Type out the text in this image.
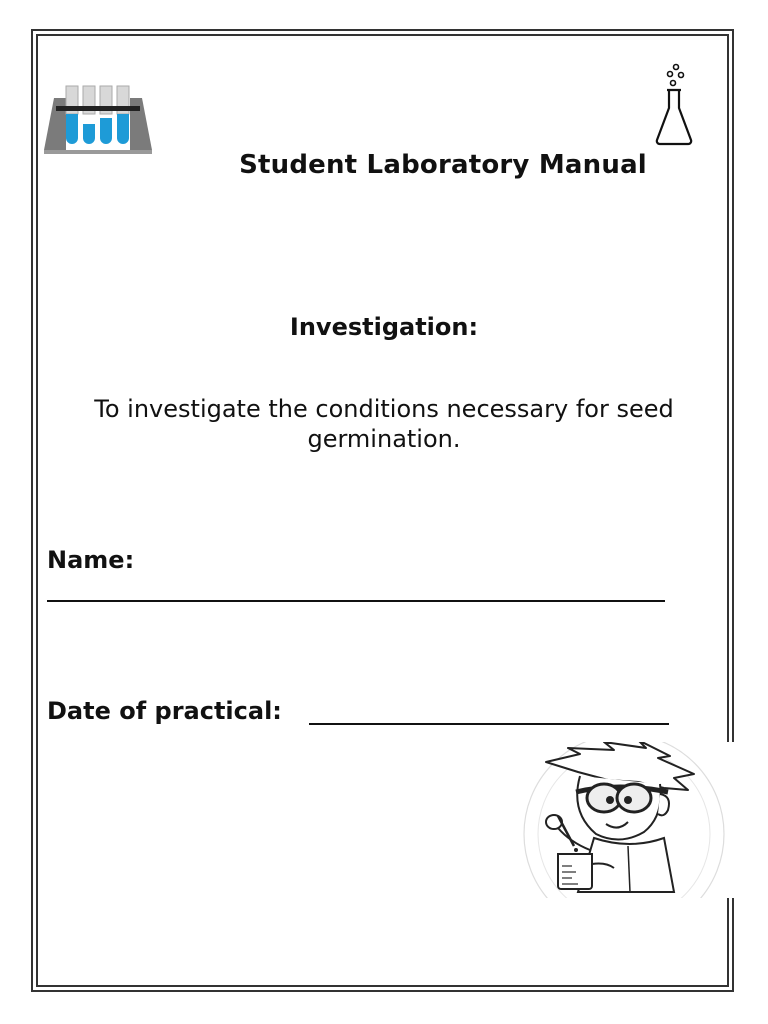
Student Laboratory Manual
Investigation:
To investigate the conditions necessary for seed germination.
Name:
Date of practical:
